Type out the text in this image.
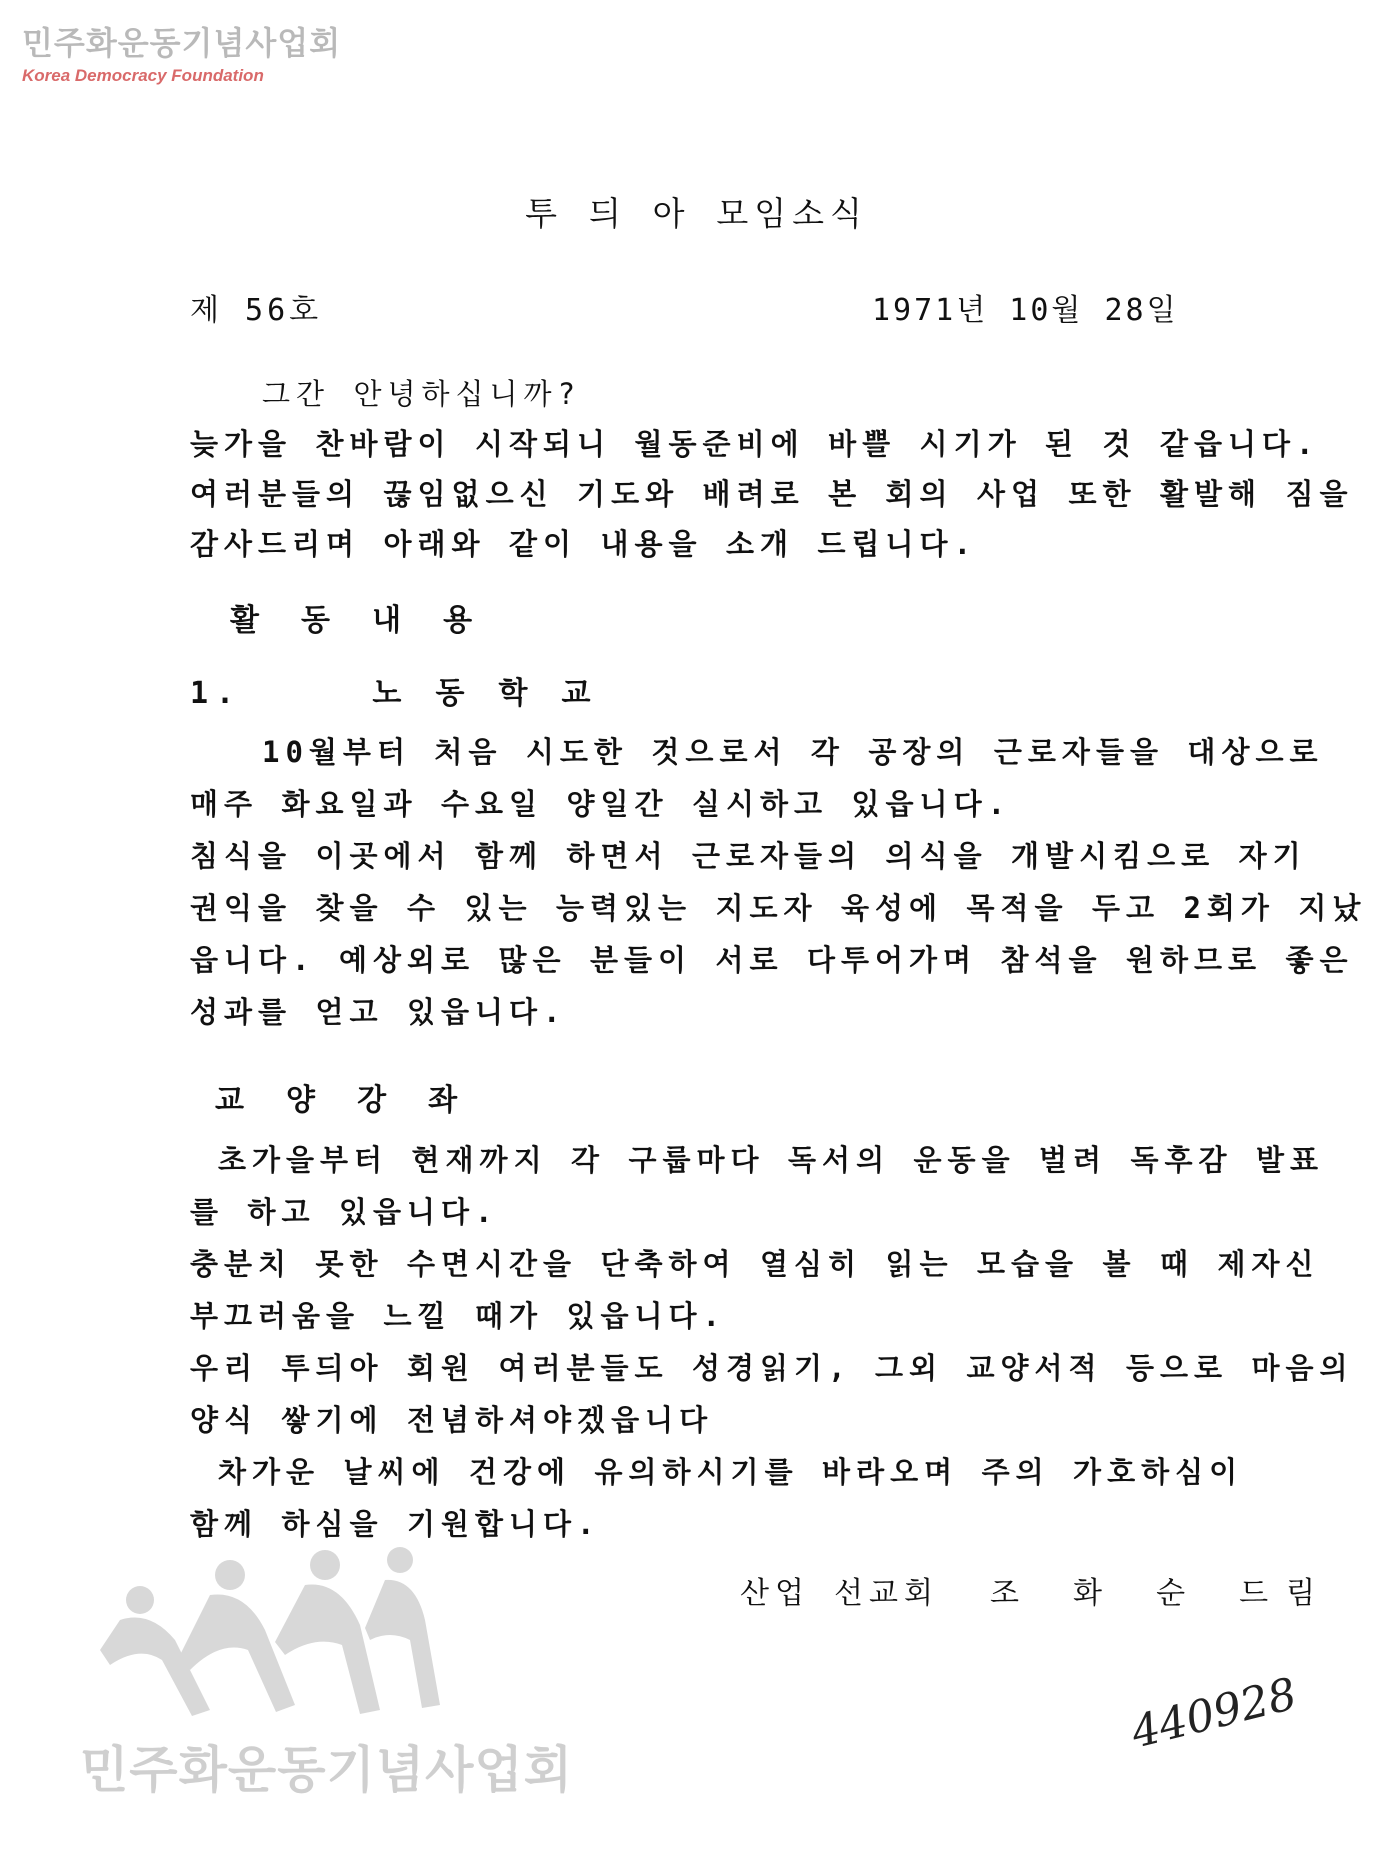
민주화운동기념사업회
Korea Democracy Foundation
투 듸 아 모임소식
제 56호	1971년 10월 28일
그간 안녕하십니까?
늦가을 찬바람이 시작되니 월동준비에 바쁠 시기가 된 것 같읍니다.
여러분들의 끊임없으신 기도와 배려로 본 회의 사업 또한 활발해 짐을
감사드리며 아래와 같이 내용을 소개 드립니다.
활 동 내 용
1.     노 동 학 교
10월부터 처음 시도한 것으로서 각 공장의 근로자들을 대상으로
매주 화요일과 수요일 양일간 실시하고 있읍니다.
침식을 이곳에서 함께 하면서 근로자들의 의식을 개발시킴으로 자기
권익을 찾을 수 있는 능력있는 지도자 육성에 목적을 두고 2회가 지났
읍니다. 예상외로 많은 분들이 서로 다투어가며 참석을 원하므로 좋은
성과를 얻고 있읍니다.
교 양 강 좌
초가을부터 현재까지 각 구룹마다 독서의 운동을 벌려 독후감 발표
를 하고 있읍니다.
충분치 못한 수면시간을 단축하여 열심히 읽는 모습을 볼 때 제자신
부끄러움을 느낄 때가 있읍니다.
우리 투듸아 회원 여러분들도 성경읽기, 그외 교양서적 등으로 마음의
양식 쌓기에 전념하셔야겠읍니다
차가운 날씨에 건강에 유의하시기를 바라오며 주의 가호하심이
함께 하심을 기원합니다.
산업 선교회 조 화 순 드림
민주화운동기념사업회
440928
